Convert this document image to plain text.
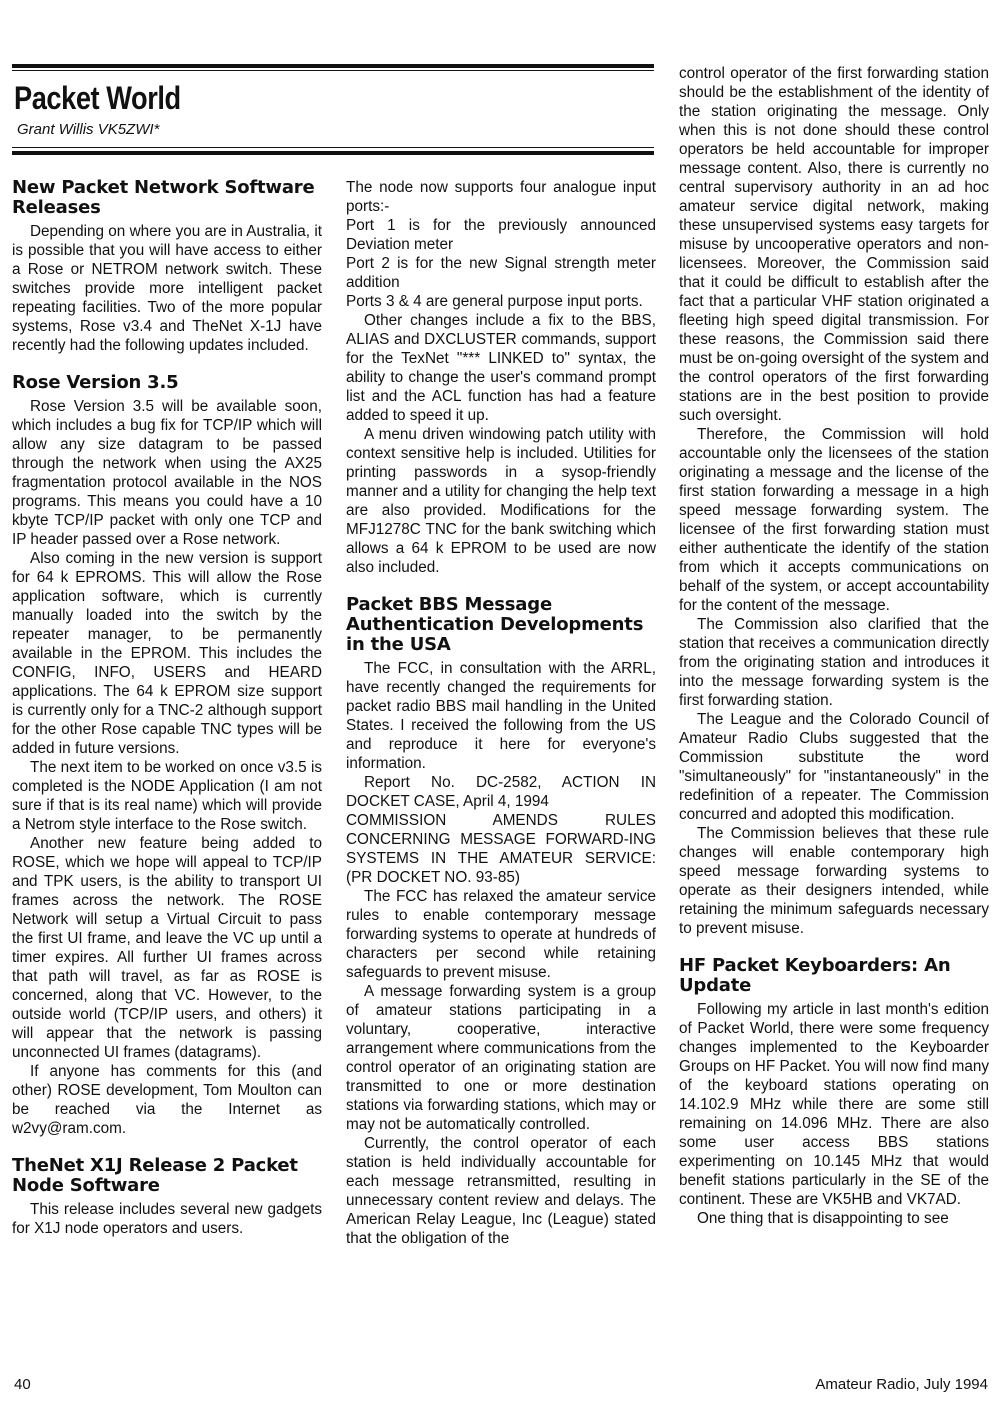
Packet World
Grant Willis VK5ZWI*
New Packet Network Software Releases

Depending on where you are in Australia, it is possible that you will have access to either a Rose or NETROM network switch. These switches provide more intelligent packet repeating facilities. Two of the more popular systems, Rose v3.4 and TheNet X-1J have recently had the following updates included.

Rose Version 3.5

Rose Version 3.5 will be available soon, which includes a bug fix for TCP/IP which will allow any size datagram to be passed through the network when using the AX25 fragmentation protocol available in the NOS programs. This means you could have a 10 kbyte TCP/IP packet with only one TCP and IP header passed over a Rose network.

Also coming in the new version is support for 64 k EPROMS. This will allow the Rose application software, which is currently manually loaded into the switch by the repeater manager, to be permanently available in the EPROM. This includes the CONFIG, INFO, USERS and HEARD applications. The 64 k EPROM size support is currently only for a TNC-2 although support for the other Rose capable TNC types will be added in future versions.

The next item to be worked on once v3.5 is completed is the NODE Application (I am not sure if that is its real name) which will provide a Netrom style interface to the Rose switch.

Another new feature being added to ROSE, which we hope will appeal to TCP/IP and TPK users, is the ability to transport UI frames across the network. The ROSE Network will setup a Virtual Circuit to pass the first UI frame, and leave the VC up until a timer expires. All further UI frames across that path will travel, as far as ROSE is concerned, along that VC. However, to the outside world (TCP/IP users, and others) it will appear that the network is passing unconnected UI frames (datagrams).

If anyone has comments for this (and other) ROSE development, Tom Moulton can be reached via the Internet as w2vy@ram.com.

TheNet X1J Release 2 Packet Node Software

This release includes several new gadgets for X1J node operators and users.

The node now supports four analogue input ports:-

Port 1 is for the previously announced Deviation meter

Port 2 is for the new Signal strength meter addition

Ports 3 & 4 are general purpose input ports.

Other changes include a fix to the BBS, ALIAS and DXCLUSTER commands, support for the TexNet "*** LINKED to" syntax, the ability to change the user's command prompt list and the ACL function has had a feature added to speed it up.

A menu driven windowing patch utility with context sensitive help is included. Utilities for printing passwords in a sysop-friendly manner and a utility for changing the help text are also provided. Modifications for the MFJ1278C TNC for the bank switching which allows a 64 k EPROM to be used are now also included.

Packet BBS Message Authentication Developments in the USA

The FCC, in consultation with the ARRL, have recently changed the requirements for packet radio BBS mail handling in the United States. I received the following from the US and reproduce it here for everyone's information.

Report No. DC-2582, ACTION IN DOCKET CASE, April 4, 1994

COMMISSION AMENDS RULES CONCERNING MESSAGE FORWARD-ING SYSTEMS IN THE AMATEUR SERVICE: (PR DOCKET NO. 93-85)

The FCC has relaxed the amateur service rules to enable contemporary message forwarding systems to operate at hundreds of characters per second while retaining safeguards to prevent misuse.

A message forwarding system is a group of amateur stations participating in a voluntary, cooperative, interactive arrangement where communications from the control operator of an originating station are transmitted to one or more destination stations via forwarding stations, which may or may not be automatically controlled.

Currently, the control operator of each station is held individually accountable for each message retransmitted, resulting in unnecessary content review and delays. The American Relay League, Inc (League) stated that the obligation of the

control operator of the first forwarding station should be the establishment of the identity of the station originating the message. Only when this is not done should these control operators be held accountable for improper message content. Also, there is currently no central supervisory authority in an ad hoc amateur service digital network, making these unsupervised systems easy targets for misuse by uncooperative operators and non-licensees. Moreover, the Commission said that it could be difficult to establish after the fact that a particular VHF station originated a fleeting high speed digital transmission. For these reasons, the Commission said there must be on-going oversight of the system and the control operators of the first forwarding stations are in the best position to provide such oversight.

Therefore, the Commission will hold accountable only the licensees of the station originating a message and the license of the first station forwarding a message in a high speed message forwarding system. The licensee of the first forwarding station must either authenticate the identify of the station from which it accepts communications on behalf of the system, or accept accountability for the content of the message.

The Commission also clarified that the station that receives a communication directly from the originating station and introduces it into the message forwarding system is the first forwarding station.

The League and the Colorado Council of Amateur Radio Clubs suggested that the Commission substitute the word "simultaneously" for "instantaneously" in the redefinition of a repeater. The Commission concurred and adopted this modification.

The Commission believes that these rule changes will enable contemporary high speed message forwarding systems to operate as their designers intended, while retaining the minimum safeguards necessary to prevent misuse.

HF Packet Keyboarders: An Update

Following my article in last month's edition of Packet World, there were some frequency changes implemented to the Keyboarder Groups on HF Packet. You will now find many of the keyboard stations operating on 14.102.9 MHz while there are some still remaining on 14.096 MHz. There are also some user access BBS stations experimenting on 10.145 MHz that would benefit stations particularly in the SE of the continent. These are VK5HB and VK7AD.

One thing that is disappointing to see

40	Amateur Radio, July 1994
